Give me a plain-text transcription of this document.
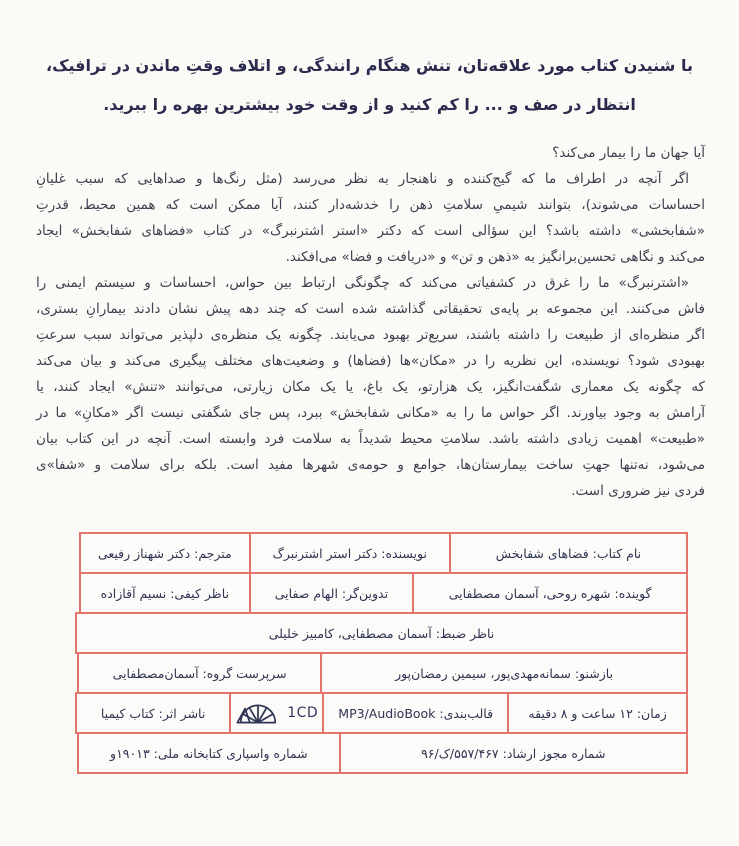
با شنیدن کتاب مورد علاقه‌تان، تنش هنگام رانندگی، و اتلاف وقتِ ماندن در ترافیک،
انتظار در صف و ... را کم کنید و از وقت خود بیشترین بهره را ببرید.
آیا جهان ما را بیمار می‌کند؟
اگر آنچه در اطراف ما که گیج‌کننده و ناهنجار به نظر می‌رسد (مثل رنگ‌ها و صداهایی که سبب غلیانِ
احساسات می‌شوند)، بتوانند شیمیِ سلامتِ ذهن را خدشه‌دار کنند، آیا ممکن است که همین محیط، قدرتِ
«شفابخشی» داشته باشد؟ این سؤالی است که دکتر «استر اشترنبرگ» در کتاب «فضاهای شفابخش» ایجاد
می‌کند و نگاهی تحسین‌برانگیز به «ذهن و تن» و «دریافت و فضا» می‌افکند.
«اشترنبرگ» ما را غرق در کشفیاتی می‌کند که چگونگی ارتباط بین حواس، احساسات و سیستم ایمنی را
فاش می‌کنند. این مجموعه بر پایه‌ی تحقیقاتی گذاشته شده است که چند دهه پیش نشان دادند بیمارانِ بستری،
اگر منظره‌ای از طبیعت را داشته باشند، سریع‌تر بهبود می‌یابند. چگونه یک منظره‌ی دلپذیر می‌تواند سبب سرعتِ
بهبودی شود؟ نویسنده، این نظریه را در «مکان»ها (فضاها) و وضعیت‌های مختلف پیگیری می‌کند و بیان می‌کند
که چگونه یک معماری شگفت‌انگیز، یک هزارتو، یک باغ، یا یک مکان زیارتی، می‌توانند «تنش» ایجاد کنند، یا
آرامش به وجود بیاورند. اگر حواس ما را به «مکانی شفابخش» ببرد، پس جای شگفتی نیست اگر «مکانِ» ما در
«طبیعت» اهمیت زیادی داشته باشد. سلامتِ محیط شدیداً به سلامت فرد وابسته است. آنچه در این کتاب بیان
می‌شود، نه‌تنها جهتِ ساخت بیمارستان‌ها، جوامع و حومه‌ی شهرها مفید است. بلکه برای سلامت و «شفا»ی
فردی نیز ضروری است.
نام کتاب: فضاهای شفابخش
نویسنده: دکتر استر اشترنبرگ
مترجم: دکتر شهناز رفیعی
گوینده: شهره روحی، آسمان مصطفایی
تدوین‌گر: الهام صفایی
ناظر کیفی: نسیم آقازاده
ناظر ضبط: آسمان مصطفایی، کامبیز خلیلی
بازشنو: سمانه‌مهدی‌پور، سیمین رمضان‌پور
سرپرست گروه: آسمان‌مصطفایی
زمان: ۱۲ ساعت و ۸ دقیقه
قالب‌بندی: MP3/AudioBook
1CD
ناشر اثر: کتاب کیمیا
شماره مجوز ارشاد: ۵۵۷/۴۶۷/ک/۹۶
شماره واسپاری کتابخانه ملی: ۱۹۰۱۳و
